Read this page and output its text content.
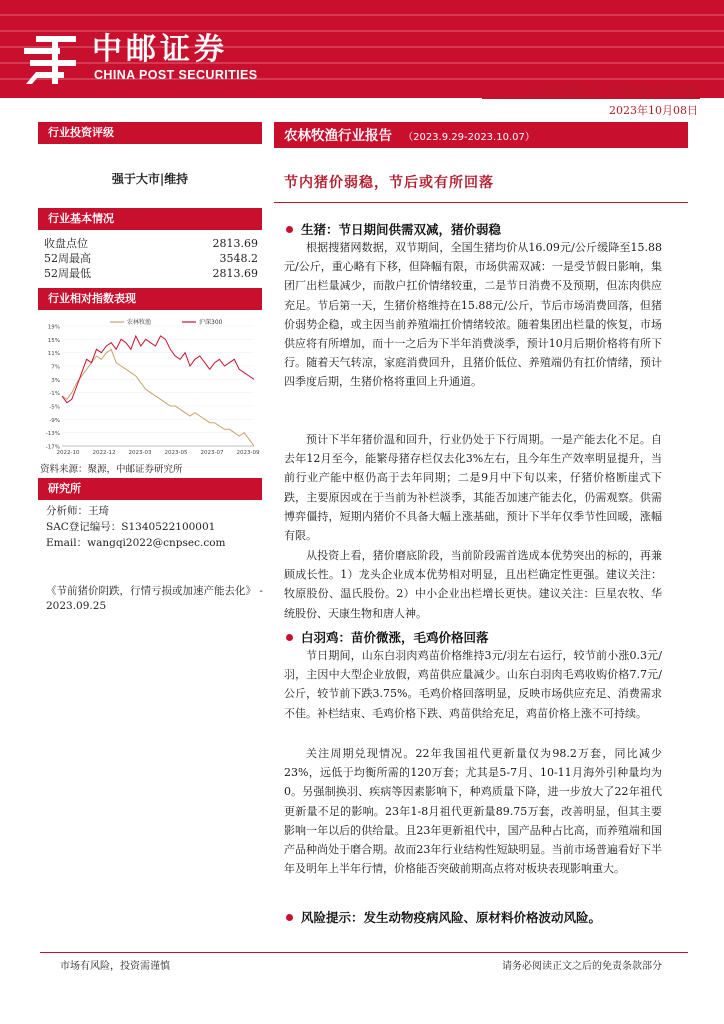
中邮证券
CHINA POST SECURITIES
证券研究报告：农林牧渔|行业周报
2023年10月08日
行业投资评级
强于大市|维持
行业基本情况
收盘点位	2813.69
52周最高	3548.2
52周最低	2813.69
行业相对指数表现
19%
15%
11%
7%
3%
-1%
-5%
-9%
-13%
-17%
2022-10 2022-12 2023-03 2023-05 2023-07 2023-09
农林牧渔	沪深300
资料来源：聚源，中邮证券研究所
研究所
分析师：王琦
SAC登记编号：S1340522100001
Email：wangqi2022@cnpsec.com
《节前猪价阴跌，行情亏损或加速产能去化》 - 2023.09.25
农林牧渔行业报告 （2023.9.29-2023.10.07）
节内猪价弱稳，节后或有所回落
生猪：节日期间供需双减，猪价弱稳
根据搜猪网数据，双节期间，全国生猪均价从16.09元/公斤缓降至15.88元/公斤，重心略有下移，但降幅有限，市场供需双减：一是受节假日影响，集团厂出栏量减少，而散户扛价情绪较重，二是节日消费不及预期，但冻肉供应充足。节后第一天，生猪价格维持在15.88元/公斤，节后市场消费回落，但猪价弱势企稳，或主因当前养殖端扛价情绪较浓。随着集团出栏量的恢复，市场供应将有所增加，而十一之后为下半年消费淡季，预计10月后期价格将有所下行。随着天气转凉，家庭消费回升，且猪价低位、养殖端仍有扛价情绪，预计四季度后期，生猪价格将重回上升通道。
预计下半年猪价温和回升，行业仍处于下行周期。一是产能去化不足。自去年12月至今，能繁母猪存栏仅去化3%左右，且今年生产效率明显提升，当前行业产能中枢仍高于去年同期；二是9月中下旬以来，仔猪价格断崖式下跌，主要原因或在于当前为补栏淡季，其能否加速产能去化，仍需观察。供需博弈僵持，短期内猪价不具备大幅上涨基础，预计下半年仅季节性回暖，涨幅有限。
从投资上看，猪价磨底阶段，当前阶段需首选成本优势突出的标的，再兼顾成长性。1）龙头企业成本优势相对明显，且出栏确定性更强。建议关注：牧原股份、温氏股份。2）中小企业出栏增长更快。建议关注：巨星农牧、华统股份、天康生物和唐人神。
白羽鸡：苗价微涨，毛鸡价格回落
节日期间，山东白羽肉鸡苗价格维持3元/羽左右运行，较节前小涨0.3元/羽，主因中大型企业放假，鸡苗供应量减少。山东白羽肉毛鸡收购价格7.7元/公斤，较节前下跌3.75%。毛鸡价格回落明显，反映市场供应充足、消费需求不佳。补栏结束、毛鸡价格下跌、鸡苗供给充足，鸡苗价格上涨不可持续。
关注周期兑现情况。22年我国祖代更新量仅为98.2万套，同比减少23%，远低于均衡所需的120万套；尤其是5-7月、10-11月海外引种量均为0。另强制换羽、疾病等因素影响下，种鸡质量下降，进一步放大了22年祖代更新量不足的影响。23年1-8月祖代更新量89.75万套，改善明显，但其主要影响一年以后的供给量。且23年更新祖代中，国产品种占比高，而养殖端和国产品种尚处于磨合期。故而23年行业结构性短缺明显。当前市场普遍看好下半年及明年上半年行情，价格能否突破前期高点将对板块表现影响重大。
风险提示：发生动物疫病风险、原材料价格波动风险。
市场有风险，投资需谨慎	请务必阅读正文之后的免责条款部分
